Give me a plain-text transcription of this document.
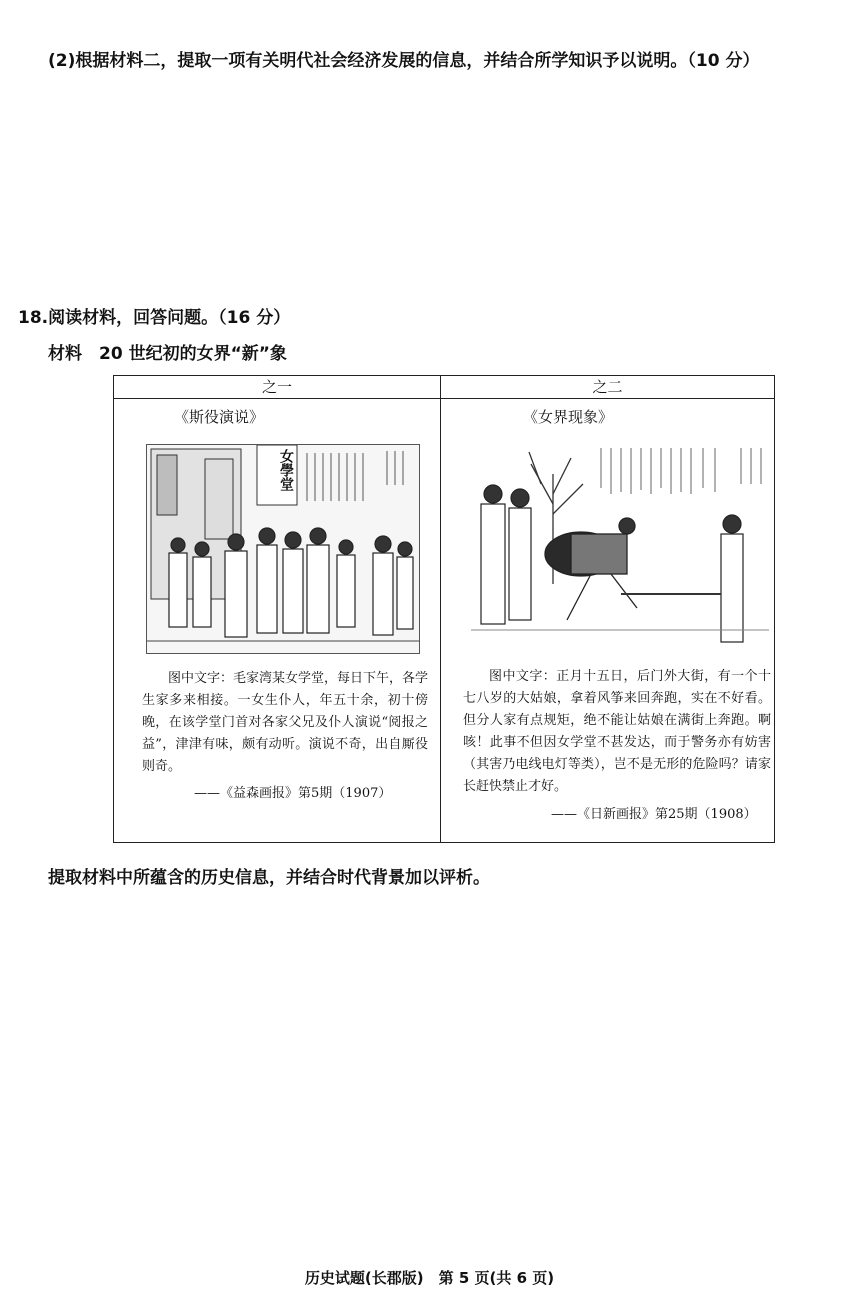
(2)根据材料二，提取一项有关明代社会经济发展的信息，并结合所学知识予以说明。（10 分）
18.阅读材料，回答问题。（16 分）
材料　20 世纪初的女界“新”象
之一
《斯役演说》
女學堂
图中文字：毛家湾某女学堂，每日下午，各学生家多来相接。一女生仆人，年五十余，初十傍晚，在该学堂门首对各家父兄及仆人演说“阅报之益”，津津有味，颇有动听。演说不奇，出自厮役则奇。
——《益森画报》第5期（1907）
之二
《女界现象》
图中文字：正月十五日，后门外大街，有一个十七八岁的大姑娘，拿着风筝来回奔跑，实在不好看。但分人家有点规矩，绝不能让姑娘在满街上奔跑。啊咳！此事不但因女学堂不甚发达，而于警务亦有妨害（其害乃电线电灯等类），岂不是无形的危险吗？请家长赶快禁止才好。
——《日新画报》第25期（1908）
提取材料中所蕴含的历史信息，并结合时代背景加以评析。
历史试题(长郡版)　第 5 页(共 6 页)
